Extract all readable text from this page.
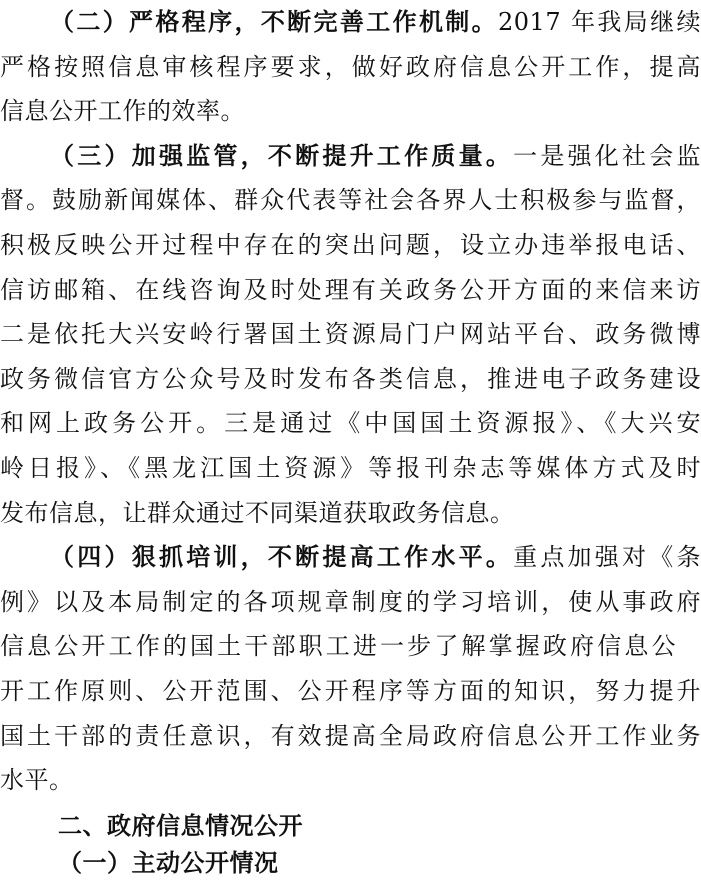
（二）严格程序，不断完善工作机制。2017 年我局继续
严格按照信息审核程序要求，做好政府信息公开工作，提高
信息公开工作的效率。
（三）加强监管，不断提升工作质量。一是强化社会监
督。鼓励新闻媒体、群众代表等社会各界人士积极参与监督，
积极反映公开过程中存在的突出问题，设立办违举报电话、
信访邮箱、在线咨询及时处理有关政务公开方面的来信来访
二是依托大兴安岭行署国土资源局门户网站平台、政务微博
政务微信官方公众号及时发布各类信息，推进电子政务建设
和网上政务公开。三是通过《中国国土资源报》、《大兴安
岭日报》、《黑龙江国土资源》等报刊杂志等媒体方式及时
发布信息，让群众通过不同渠道获取政务信息。
（四）狠抓培训，不断提高工作水平。重点加强对《条
例》以及本局制定的各项规章制度的学习培训，使从事政府
信息公开工作的国土干部职工进一步了解掌握政府信息公
开工作原则、公开范围、公开程序等方面的知识，努力提升
国土干部的责任意识，有效提高全局政府信息公开工作业务
水平。
二、政府信息情况公开
（一）主动公开情况
